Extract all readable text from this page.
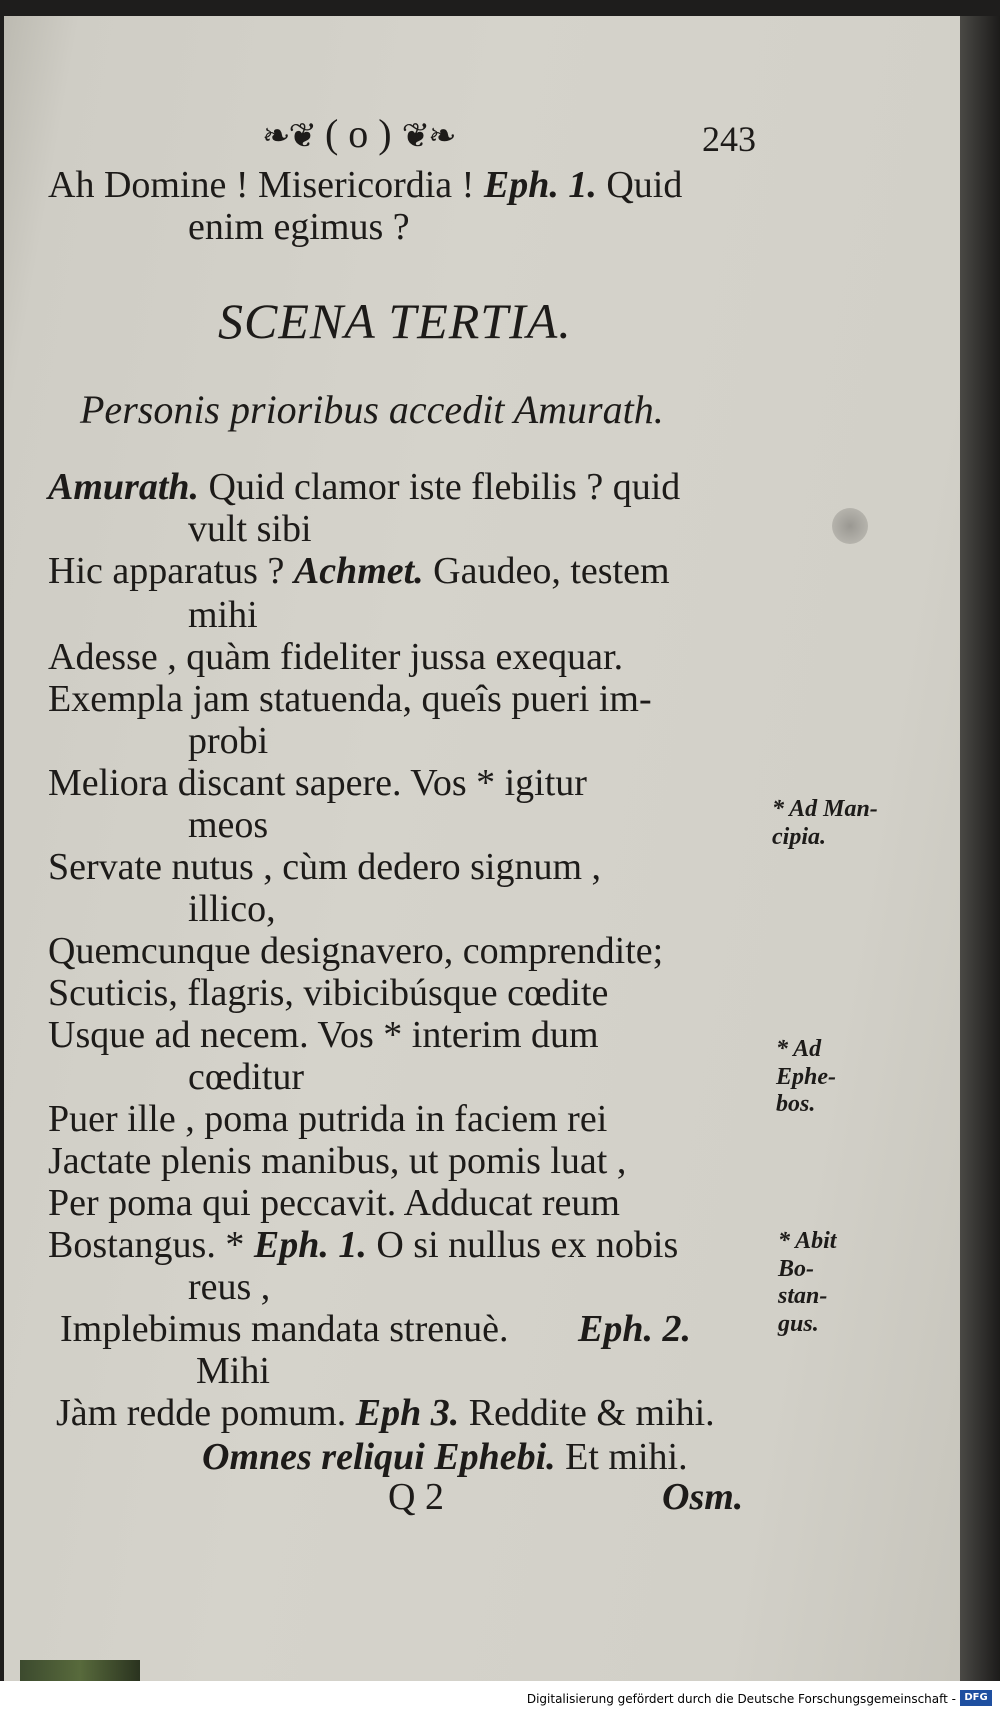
❧❦ ( o ) ❦❧	243
Ah Domine ! Misericordia ! Eph. 1. Quid
enim egimus ?
SCENA TERTIA.
Personis prioribus accedit Amurath.
Amurath. Quid clamor iste flebilis ? quid
vult sibi
Hic apparatus ? Achmet. Gaudeo, testem
mihi
Adesse , quàm fideliter jussa exequar.
Exempla jam statuenda, queîs pueri im-
probi
Meliora discant sapere. Vos * igitur
meos
Servate nutus , cùm dedero signum ,
illico,
Quemcunque designavero, comprendite;
Scuticis, flagris, vibicibúsque cœdite
Usque ad necem. Vos * interim dum
cœditur
Puer ille , poma putrida in faciem rei
Jactate plenis manibus, ut pomis luat ,
Per poma qui peccavit. Adducat reum
Bostangus. * Eph. 1. O si nullus ex nobis
reus ,
Implebimus mandata strenuè. Eph. 2.
Mihi
Jàm redde pomum. Eph 3. Reddite & mihi.
Omnes reliqui Ephebi. Et mihi.
Q 2	Osm.
* Ad Man- cipia.
* Ad Ephe- bos.
* Abit Bo- stan- gus.
Digitalisierung gefördert durch die Deutsche Forschungsgemeinschaft - DFG
